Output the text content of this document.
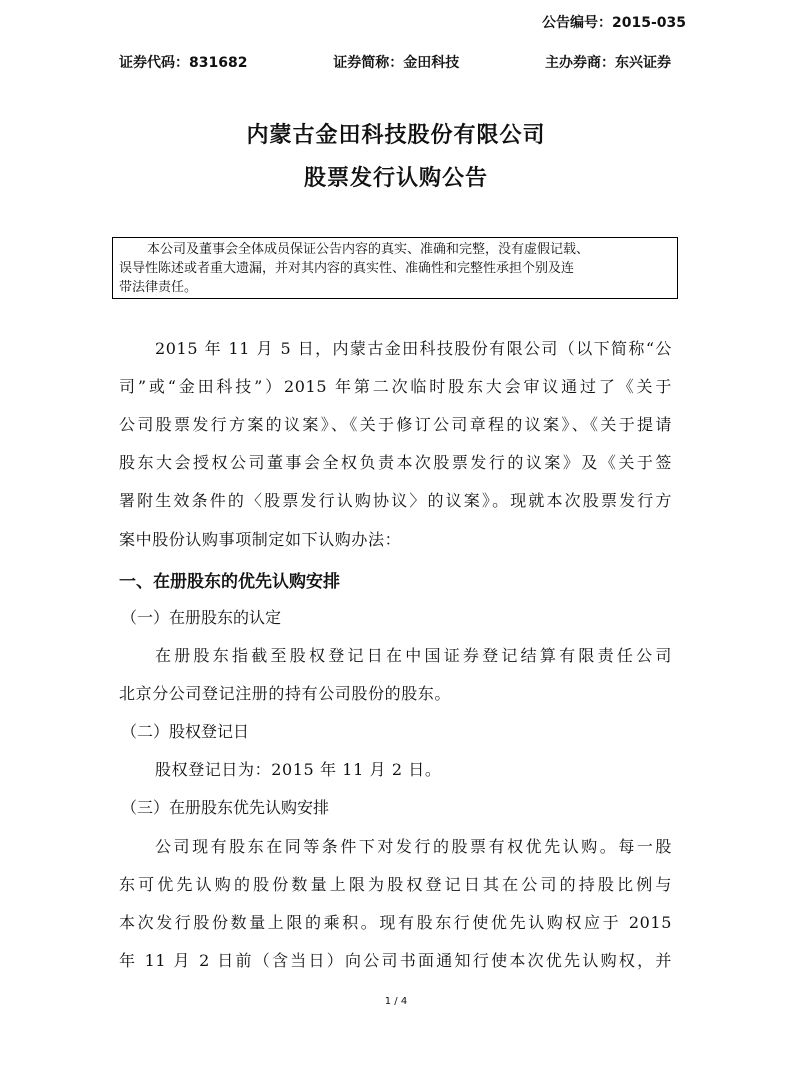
公告编号：2015-035
证券代码：831682	证券简称：金田科技	主办券商：东兴证券
内蒙古金田科技股份有限公司
股票发行认购公告
本公司及董事会全体成员保证公告内容的真实、准确和完整，没有虚假记载、
误导性陈述或者重大遗漏，并对其内容的真实性、准确性和完整性承担个别及连
带法律责任。
2015 年 11 月 5 日，内蒙古金田科技股份有限公司（以下简称“公
司”或“金田科技”）2015 年第二次临时股东大会审议通过了《关于
公司股票发行方案的议案》、《关于修订公司章程的议案》、《关于提请
股东大会授权公司董事会全权负责本次股票发行的议案》及《关于签
署附生效条件的〈股票发行认购协议〉的议案》。现就本次股票发行方
案中股份认购事项制定如下认购办法：
一、在册股东的优先认购安排
（一）在册股东的认定
在册股东指截至股权登记日在中国证券登记结算有限责任公司
北京分公司登记注册的持有公司股份的股东。
（二）股权登记日
股权登记日为：2015 年 11 月 2 日。
（三）在册股东优先认购安排
公司现有股东在同等条件下对发行的股票有权优先认购。每一股
东可优先认购的股份数量上限为股权登记日其在公司的持股比例与
本次发行股份数量上限的乘积。现有股东行使优先认购权应于 2015
年 11 月 2 日前（含当日）向公司书面通知行使本次优先认购权，并
1 / 4
